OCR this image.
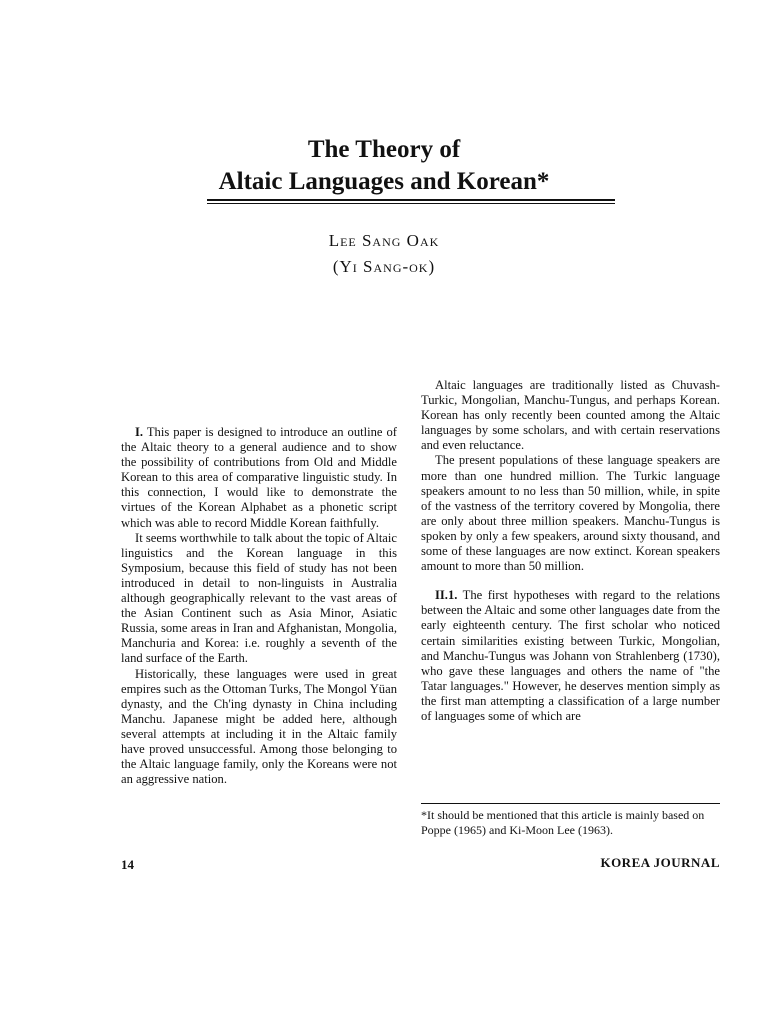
The Theory of
Altaic Languages and Korean*
Lee Sang Oak
(Yi Sang-ok)

I. This paper is designed to introduce an outline of the Altaic theory to a general audience and to show the possibility of contributions from Old and Middle Korean to this area of comparative linguistic study. In this connection, I would like to demonstrate the virtues of the Korean Alphabet as a phonetic script which was able to record Middle Korean faithfully.

It seems worthwhile to talk about the topic of Altaic linguistics and the Korean language in this Symposium, because this field of study has not been introduced in detail to non-linguists in Australia although geographically relevant to the vast areas of the Asian Continent such as Asia Minor, Asiatic Russia, some areas in Iran and Afghanistan, Mongolia, Manchuria and Korea: i.e. roughly a seventh of the land surface of the Earth.

Historically, these languages were used in great empires such as the Ottoman Turks, The Mongol Yüan dynasty, and the Ch'ing dynasty in China including Manchu. Japanese might be added here, although several attempts at including it in the Altaic family have proved unsuccessful. Among those belonging to the Altaic language family, only the Koreans were not an aggressive nation.

Altaic languages are traditionally listed as Chuvash-Turkic, Mongolian, Manchu-Tungus, and perhaps Korean. Korean has only recently been counted among the Altaic languages by some scholars, and with certain reservations and even reluctance.

The present populations of these language speakers are more than one hundred million. The Turkic language speakers amount to no less than 50 million, while, in spite of the vastness of the territory covered by Mongolia, there are only about three million speakers. Manchu-Tungus is spoken by only a few speakers, around sixty thousand, and some of these languages are now extinct. Korean speakers amount to more than 50 million.

II.1. The first hypotheses with regard to the relations between the Altaic and some other languages date from the early eighteenth century. The first scholar who noticed certain similarities existing between Turkic, Mongolian, and Manchu-Tungus was Johann von Strahlenberg (1730), who gave these languages and others the name of "the Tatar languages." However, he deserves mention simply as the first man attempting a classification of a large number of languages some of which are

*It should be mentioned that this article is mainly based on Poppe (1965) and Ki-Moon Lee (1963).
14	KOREA JOURNAL
